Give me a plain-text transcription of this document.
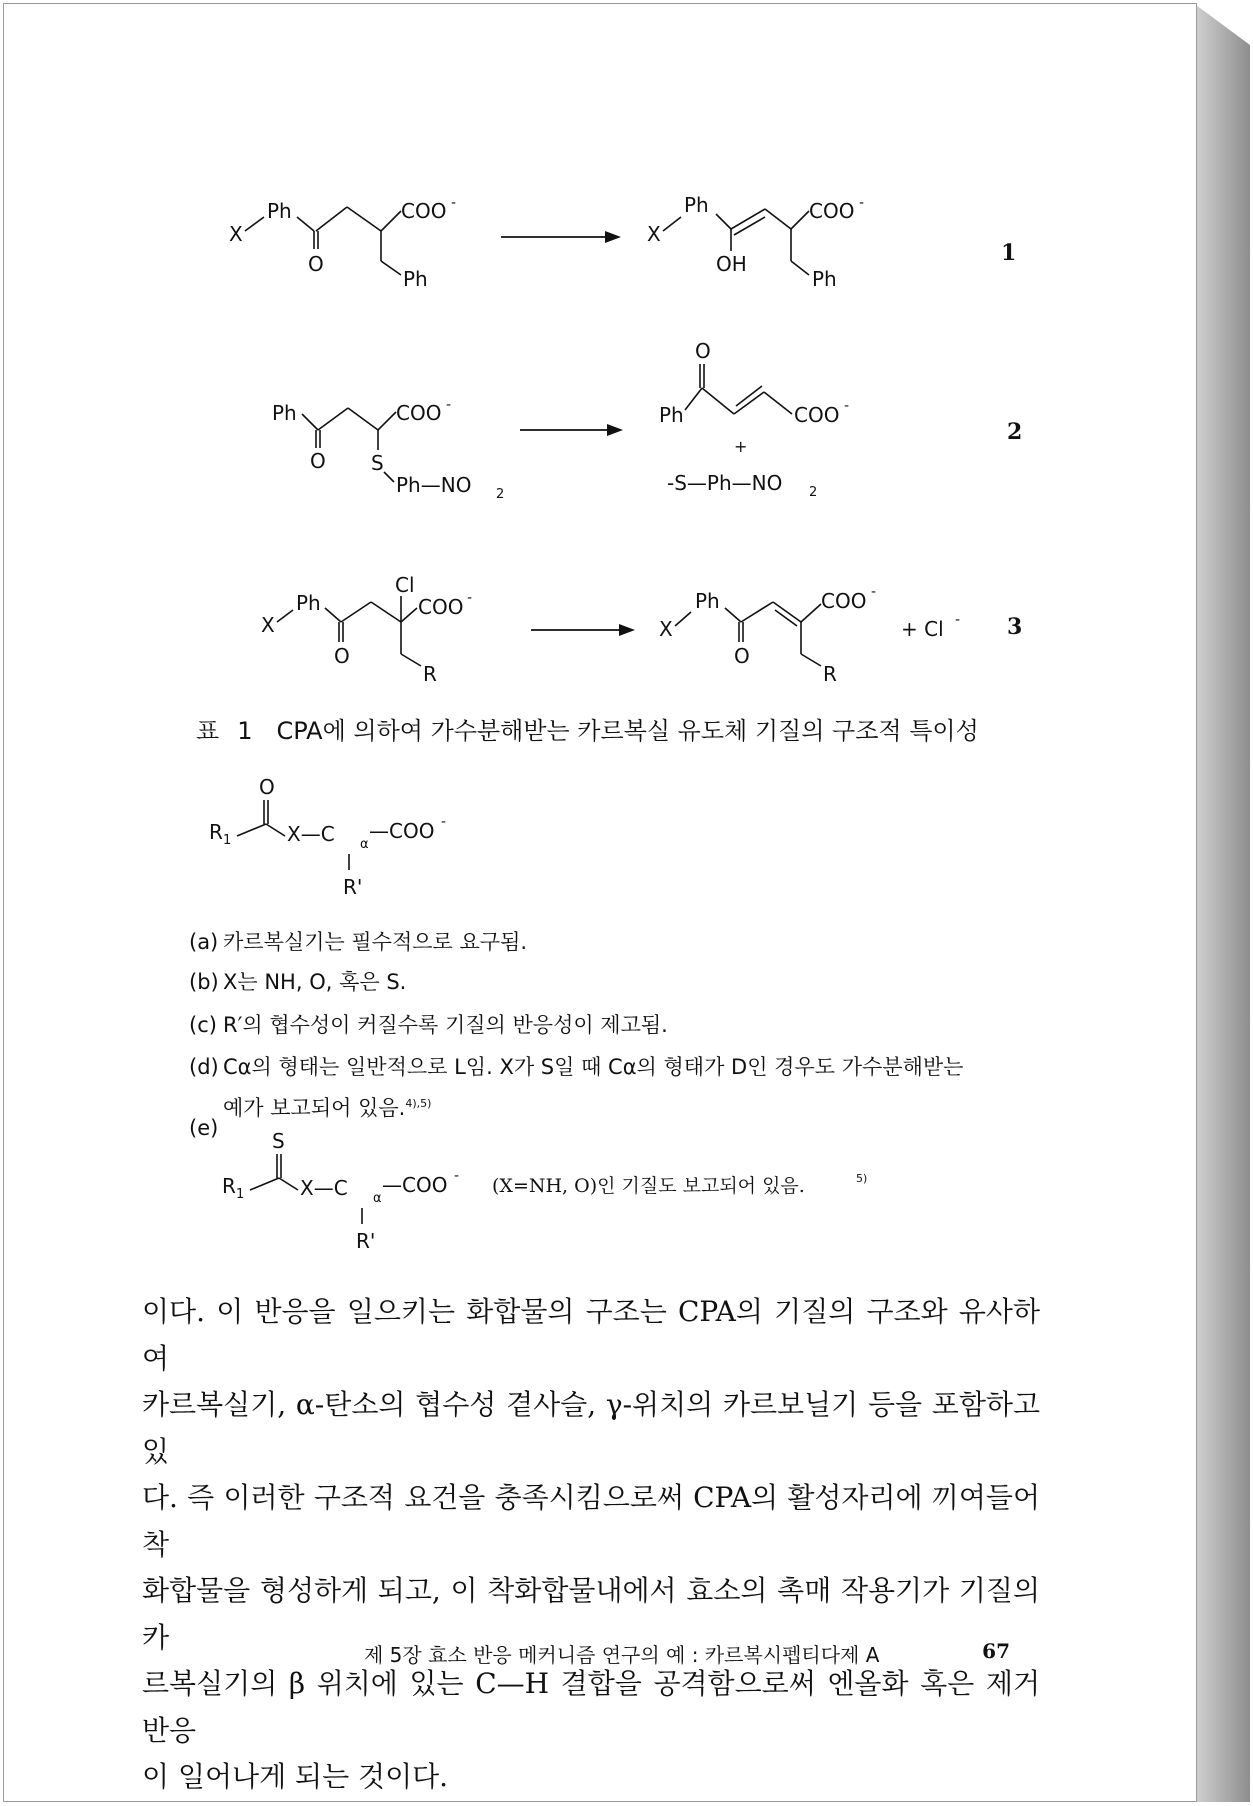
X
Ph
O
COO -
Ph
X
Ph
OH
COO -
Ph
1
Ph
O
COO -
S
Ph—NO 2
O
Ph	COO -
+
-S—Ph—NO 2
2
X
Ph
O
Cl
COO -
R
X
Ph
O
COO -
R
+ Cl - 3
표 1 CPA에 의하여 가수분해받는 카르복실 유도체 기질의 구조적 특이성
O
R 1	X—C α
—COO -
R'
(a) 카르복실기는 필수적으로 요구됨.
(b) X는 NH, O, 혹은 S.
(c) R′의 협수성이 커질수록 기질의 반응성이 제고됨.
(d) Cα의 형태는 일반적으로 L임. X가 S일 때 Cα의 형태가 D인 경우도 가수분해받는
예가 보고되어 있음.$^{4),5)}$
(e)
S
R 1	X—C α
—COO -
R'
(X=NH, O)인 기질도 보고되어 있음.	5)

이다. 이 반응을 일으키는 화합물의 구조는 CPA의 기질의 구조와 유사하여

카르복실기, α-탄소의 협수성 곁사슬, γ-위치의 카르보닐기 등을 포함하고 있

다. 즉 이러한 구조적 요건을 충족시킴으로써 CPA의 활성자리에 끼여들어 착

화합물을 형성하게 되고, 이 착화합물내에서 효소의 촉매 작용기가 기질의 카

르복실기의 β 위치에 있는 C—H 결합을 공격함으로써 엔올화 혹은 제거 반응

이 일어나게 되는 것이다.

제 5장 효소 반응 메커니즘 연구의 예 : 카르복시펩티다제 A	67
